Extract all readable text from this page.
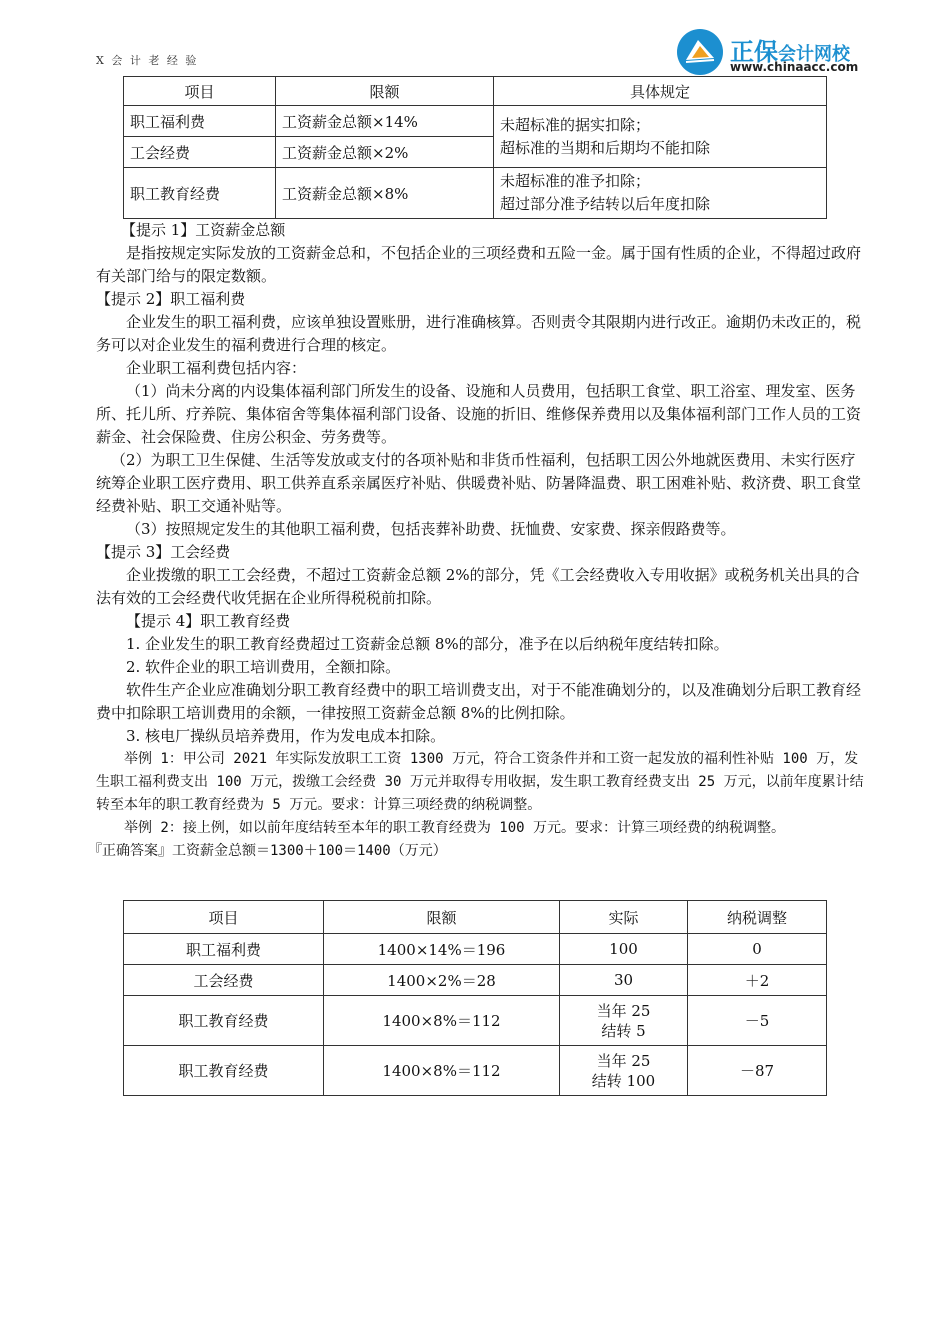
X 会 计 老 经 验	正保会计网校
www.chinaacc.com
项目	限额	具体规定
职工福利费	工资薪金总额×14%	未超标准的据实扣除；
超标准的当期和后期均不能扣除

工会经费	工资薪金总额×2%	
职工教育经费	工资薪金总额×8%	未超标准的准予扣除；
超过部分准予结转以后年度扣除

【提示 1】工资薪金总额

是指按规定实际发放的工资薪金总和，不包括企业的三项经费和五险一金。属于国有性质的企业，不得超过政府有关部门给与的限定数额。

【提示 2】职工福利费

企业发生的职工福利费，应该单独设置账册，进行准确核算。否则责令其限期内进行改正。逾期仍未改正的，税务可以对企业发生的福利费进行合理的核定。

企业职工福利费包括内容：

（1）尚未分离的内设集体福利部门所发生的设备、设施和人员费用，包括职工食堂、职工浴室、理发室、医务所、托儿所、疗养院、集体宿舍等集体福利部门设备、设施的折旧、维修保养费用以及集体福利部门工作人员的工资薪金、社会保险费、住房公积金、劳务费等。

（2）为职工卫生保健、生活等发放或支付的各项补贴和非货币性福利，包括职工因公外地就医费用、未实行医疗统筹企业职工医疗费用、职工供养直系亲属医疗补贴、供暖费补贴、防暑降温费、职工困难补贴、救济费、职工食堂经费补贴、职工交通补贴等。

（3）按照规定发生的其他职工福利费，包括丧葬补助费、抚恤费、安家费、探亲假路费等。

【提示 3】工会经费

企业拨缴的职工工会经费，不超过工资薪金总额 2%的部分，凭《工会经费收入专用收据》或税务机关出具的合法有效的工会经费代收凭据在企业所得税税前扣除。

【提示 4】职工教育经费

1. 企业发生的职工教育经费超过工资薪金总额 8%的部分，准予在以后纳税年度结转扣除。

2. 软件企业的职工培训费用，全额扣除。

软件生产企业应准确划分职工教育经费中的职工培训费支出，对于不能准确划分的，以及准确划分后职工教育经费中扣除职工培训费用的余额，一律按照工资薪金总额 8%的比例扣除。

3. 核电厂操纵员培养费用，作为发电成本扣除。

举例 1：甲公司 2021 年实际发放职工工资 1300 万元，符合工资条件并和工资一起发放的福利性补贴 100 万，发生职工福利费支出 100 万元，拨缴工会经费 30 万元并取得专用收据，发生职工教育经费支出 25 万元，以前年度累计结转至本年的职工教育经费为 5 万元。要求：计算三项经费的纳税调整。

举例 2：接上例，如以前年度结转至本年的职工教育经费为 100 万元。要求：计算三项经费的纳税调整。

『正确答案』工资薪金总额＝1300＋100＝1400（万元）

项目	限额	实际	纳税调整
职工福利费	1400×14%＝196	100	0
工会经费	1400×2%＝28	30	＋2
职工教育经费	1400×8%＝112	当年 25
结转 5	－5
职工教育经费	1400×8%＝112	当年 25
结转 100	－87
